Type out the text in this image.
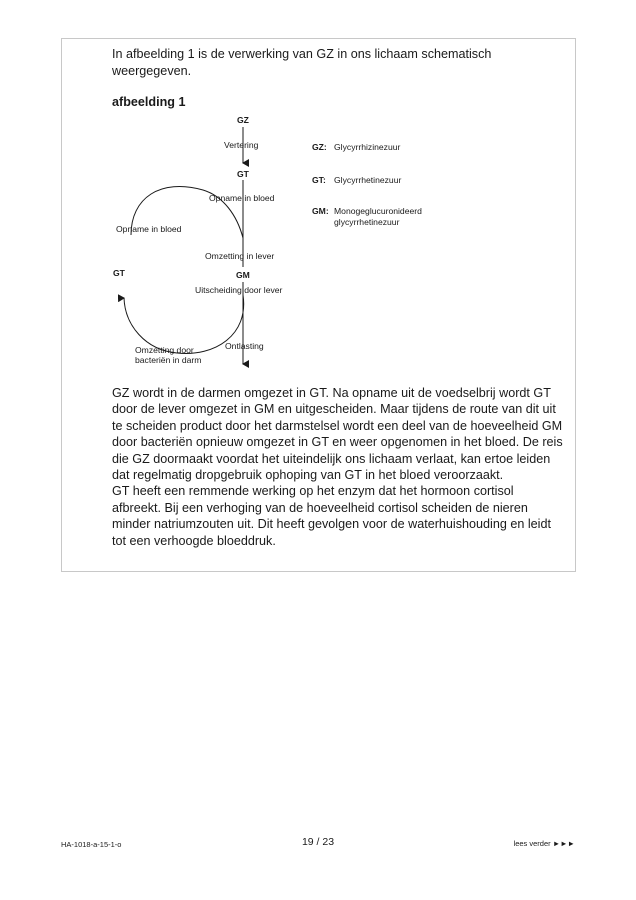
In afbeelding 1 is de verwerking van GZ in ons lichaam schematisch weergegeven.

afbeelding 1

GZ
GT
GM
GT
Vertering
Opname in bloed
Opname in bloed
Omzetting in lever
Uitscheiding door lever
Ontlasting
Omzetting door
bacteriën in darm
GZ: Glycyrrhizinezuur
GT: Glycyrrhetinezuur
GM: Monogeglucuronideerd
glycyrrhetinezuur

GZ wordt in de darmen omgezet in GT. Na opname uit de voedselbrij wordt GT door de lever omgezet in GM en uitgescheiden. Maar tijdens de route van dit uit te scheiden product door het darmstelsel wordt een deel van de hoeveelheid GM door bacteriën opnieuw omgezet in GT en weer opgenomen in het bloed. De reis die GZ doormaakt voordat het uiteindelijk ons lichaam verlaat, kan ertoe leiden dat regelmatig dropgebruik ophoping van GT in het bloed veroorzaakt.

GT heeft een remmende werking op het enzym dat het hormoon cortisol afbreekt. Bij een verhoging van de hoeveelheid cortisol scheiden de nieren minder natriumzouten uit. Dit heeft gevolgen voor de waterhuishouding en leidt tot een verhoogde bloeddruk.

HA-1018-a-15-1-o	19 / 23	lees verder ►►►
